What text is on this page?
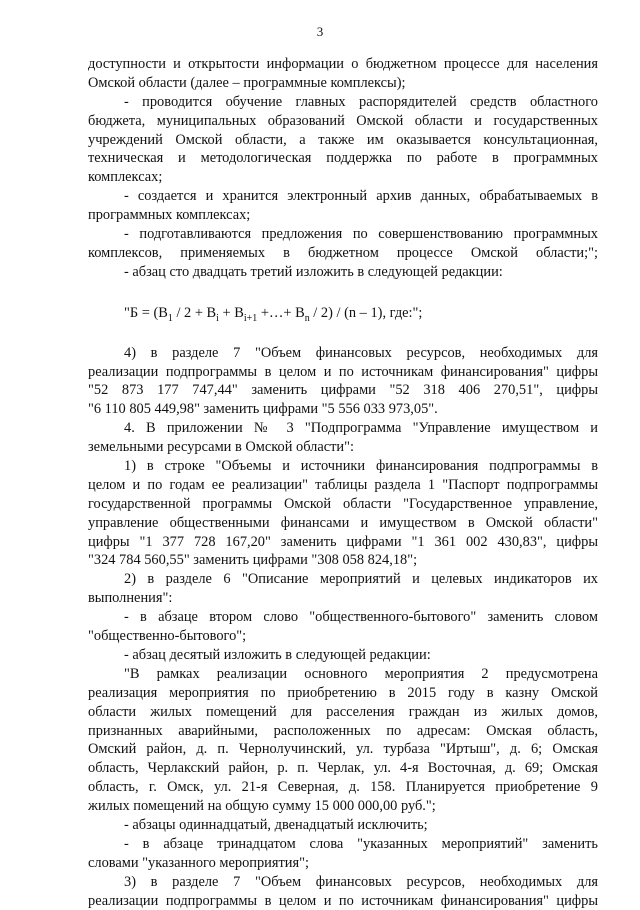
3
доступности и открытости информации о бюджетном процессе для населения
Омской области (далее – программные комплексы);
- проводится обучение главных распорядителей средств областного
бюджета, муниципальных образований Омской области и государственных
учреждений Омской области, а также им оказывается консультационная,
техническая и методологическая поддержка по работе в программных
комплексах;
- создается и хранится электронный архив данных, обрабатываемых в
программных комплексах;
- подготавливаются предложения по совершенствованию программных
комплексов, применяемых в бюджетном процессе Омской области;";
- абзац сто двадцать третий изложить в следующей редакции:
"$Б = (В_1 / 2 + В_i + В_{i+1}$ +…+ $В_n / 2) / (n - 1)$, где:";
4) в разделе 7 "Объем финансовых ресурсов, необходимых для
реализации подпрограммы в целом и по источникам финансирования" цифры
"52 873 177 747,44" заменить цифрами "52 318 406 270,51", цифры
"6 110 805 449,98" заменить цифрами "5 556 033 973,05".
4. В приложении № 3 "Подпрограмма "Управление имуществом и
земельными ресурсами в Омской области":
1) в строке "Объемы и источники финансирования подпрограммы в
целом и по годам ее реализации" таблицы раздела 1 "Паспорт подпрограммы
государственной программы Омской области "Государственное управление,
управление общественными финансами и имуществом в Омской области"
цифры "1 377 728 167,20" заменить цифрами "1 361 002 430,83", цифры
"324 784 560,55" заменить цифрами "308 058 824,18";
2) в разделе 6 "Описание мероприятий и целевых индикаторов их
выполнения":
- в абзаце втором слово "общественного-бытового" заменить словом
"общественно-бытового";
- абзац десятый изложить в следующей редакции:
"В рамках реализации основного мероприятия 2 предусмотрена
реализация мероприятия по приобретению в 2015 году в казну Омской
области жилых помещений для расселения граждан из жилых домов,
признанных аварийными, расположенных по адресам: Омская область,
Омский район, д. п. Чернолучинский, ул. турбаза "Иртыш", д. 6; Омская
область, Черлакский район, р. п. Черлак, ул. 4-я Восточная, д. 69; Омская
область, г. Омск, ул. 21-я Северная, д. 158. Планируется приобретение 9
жилых помещений на общую сумму 15 000 000,00 руб.";
- абзацы одиннадцатый, двенадцатый исключить;
- в абзаце тринадцатом слова "указанных мероприятий" заменить
словами "указанного мероприятия";
3) в разделе 7 "Объем финансовых ресурсов, необходимых для
реализации подпрограммы в целом и по источникам финансирования" цифры
